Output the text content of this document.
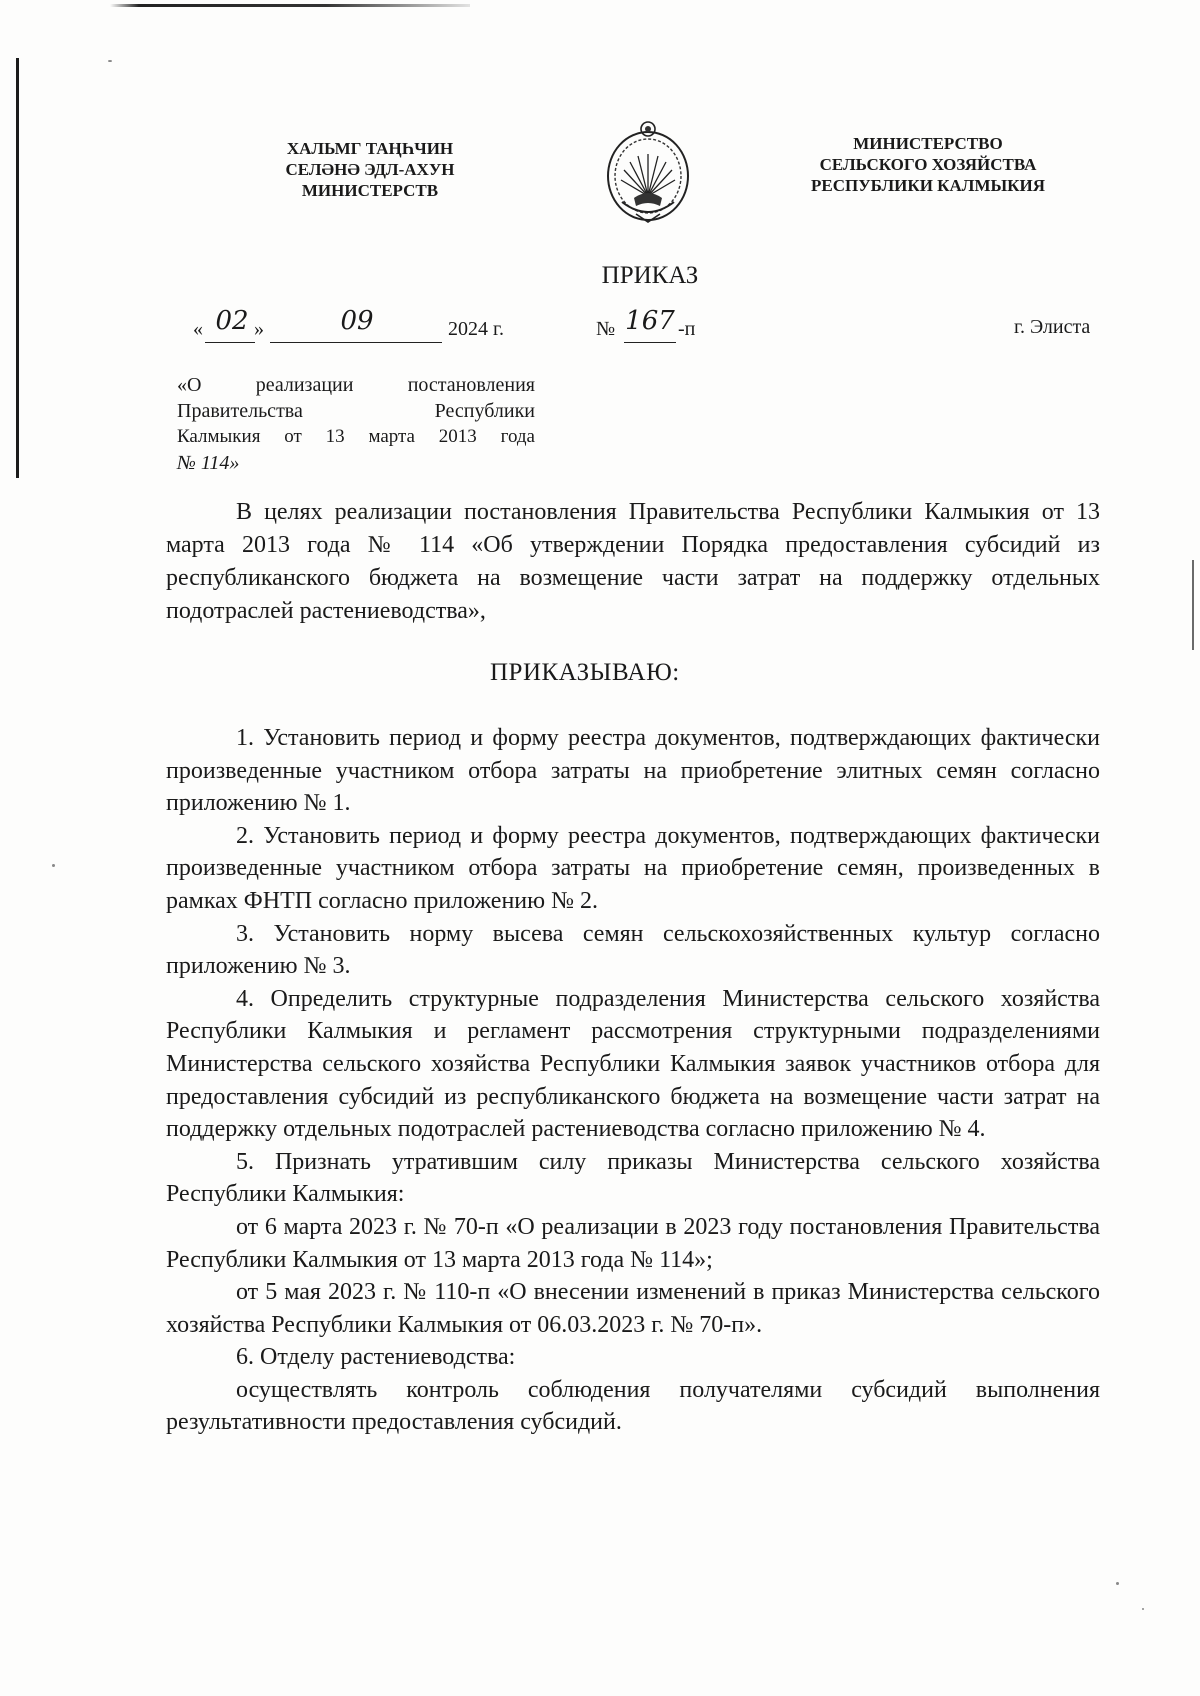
ХАЛЬМГ ТАҢҺЧИН
СЕЛӘНӘ ЭДЛ-АХУН
МИНИСТЕРСТВ
МИНИСТЕРСТВО
СЕЛЬСКОГО ХОЗЯЙСТВА
РЕСПУБЛИКИ КАЛМЫКИЯ
ПРИКАЗ
« 02 »	09	2024 г.	№ 167 -п	г. Элиста
«О реализации постановления
Правительства Республики
Калмыкия от 13 марта 2013 года
№ 114»

В целях реализации постановления Правительства Республики Калмыкия от 13 марта 2013 года № 114 «Об утверждении Порядка предоставления субсидий из республиканского бюджета на возмещение части затрат на поддержку отдельных подотраслей растениеводства»,

ПРИКАЗЫВАЮ:

1. Установить период и форму реестра документов, подтверждающих фактически произведенные участником отбора затраты на приобретение элитных семян согласно приложению № 1.

2. Установить период и форму реестра документов, подтверждающих фактически произведенные участником отбора затраты на приобретение семян, произведенных в рамках ФНТП согласно приложению № 2.

3. Установить норму высева семян сельскохозяйственных культур согласно приложению № 3.

4. Определить структурные подразделения Министерства сельского хозяйства Республики Калмыкия и регламент рассмотрения структурными подразделениями Министерства сельского хозяйства Республики Калмыкия заявок участников отбора для предоставления субсидий из республиканского бюджета на возмещение части затрат на поддержку отдельных подотраслей растениеводства согласно приложению № 4.

5. Признать утратившим силу приказы Министерства сельского хозяйства Республики Калмыкия:

от 6 марта 2023 г. № 70-п «О реализации в 2023 году постановления Правительства Республики Калмыкия от 13 марта 2013 года № 114»;

от 5 мая 2023 г. № 110-п «О внесении изменений в приказ Министерства сельского хозяйства Республики Калмыкия от 06.03.2023 г. № 70-п».

6. Отделу растениеводства:

осуществлять контроль соблюдения получателями субсидий выполнения результативности предоставления субсидий.
